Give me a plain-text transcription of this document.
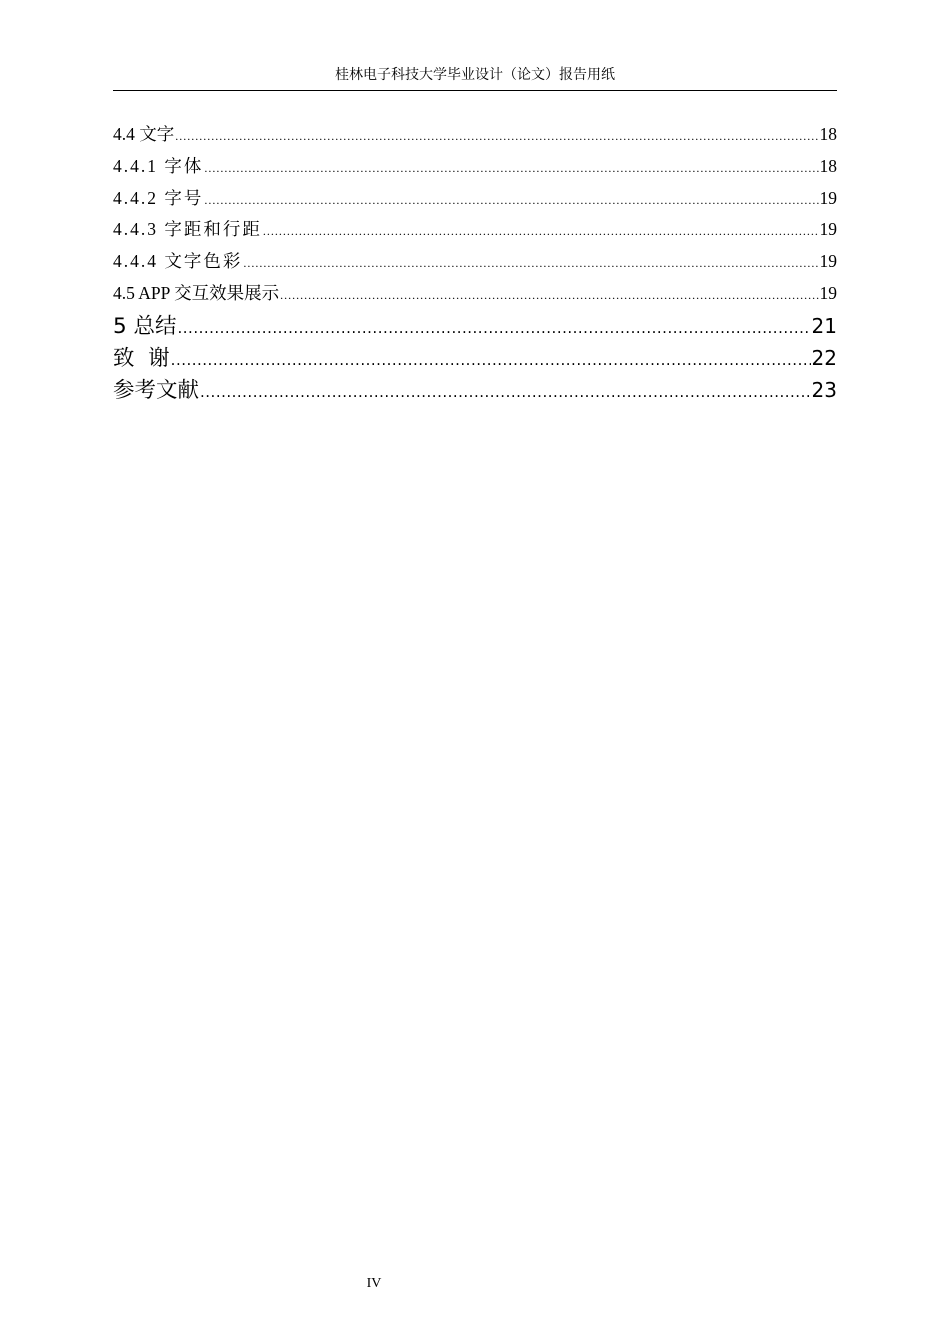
桂林电子科技大学毕业设计（论文）报告用纸
4.4 文字 .....	18
4.4.1 字体 .....	18
4.4.2 字号 .....	19
4.4.3 字距和行距 .....	19
4.4.4 文字色彩 .....	19
4.5 APP 交互效果展示 .....	19
5 总结 .....	21
致  谢 .....	22
参考文献 .....	23
IV
